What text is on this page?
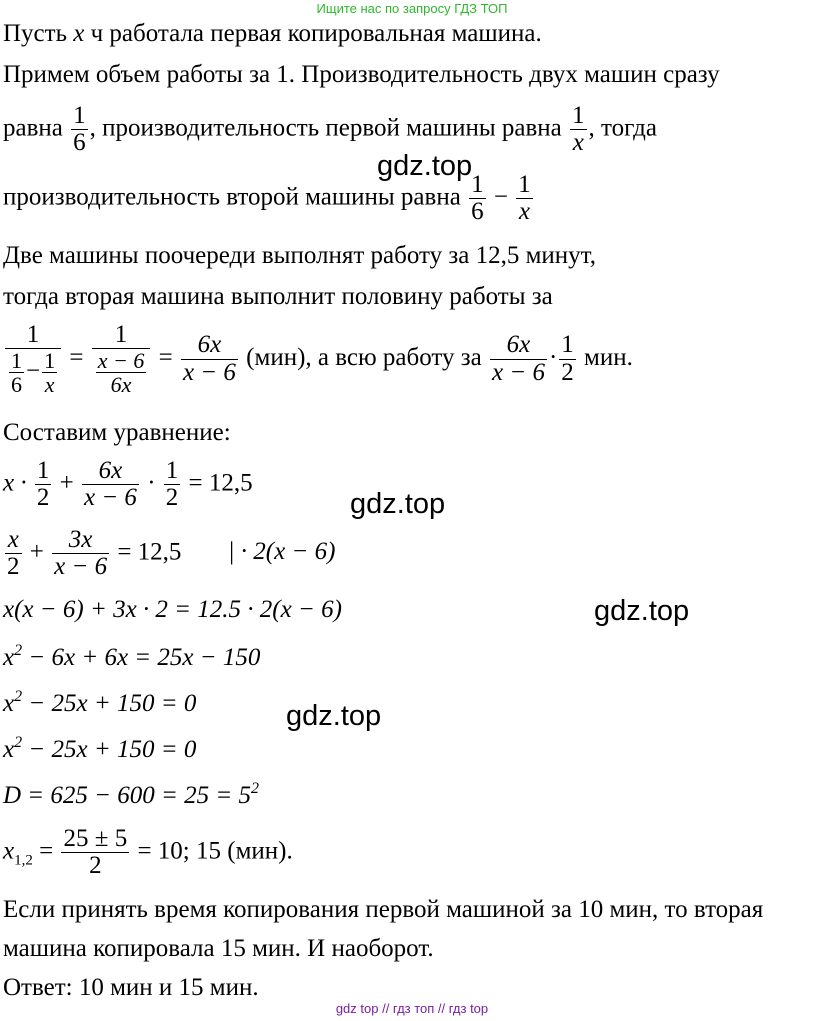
Ищите нас по запросу ГДЗ ТОП
Пусть x ч работала первая копировальная машина.
Примем объем работы за 1. Производительность двух машин сразу
равна $\frac{1}{6}$ , производительность первой машины равна $\frac{1}{x}$ , тогда
производительность второй машины равна $\frac{1}{6} - \frac{1}{x}$
Две машины поочереди выполнят работу за 12,5 минут,
тогда вторая машина выполнит половину работы за
$\frac{1}{\frac{1}{6} - \frac{1}{x}} = \frac{1}{\frac{x - 6}{6x}} = \frac{6x}{x - 6} (мин)$, а всю работу за $\frac{6x}{x - 6} \cdot \frac{1}{2}$ мин.
Составим уравнение:
$x \cdot \frac{1}{2} + \frac{6x}{x - 6} \cdot \frac{1}{2} = 12,5$
$\frac{x}{2} + \frac{3x}{x - 6} = 12,5$ | · 2(x − 6)
x(x − 6) + 3x · 2 = 12.5 · 2(x − 6)
$x^2 - 6x + 6x = 25x - 150$
$x^2 - 25x + 150 = 0$
$x^2 - 25x + 150 = 0$
$D = 625 - 600 = 25 = 5^2$
$x_{1,2} = \frac{25 \pm 5}{2} = 10$; 15 (мин).
Если принять время копирования первой машиной за 10 мин, то вторая
машина копировала 15 мин. И наоборот.
Ответ: 10 мин и 15 мин.
gdz.top
gdz.top
gdz.top
gdz.top
gdz top // гдз топ // гдз top
